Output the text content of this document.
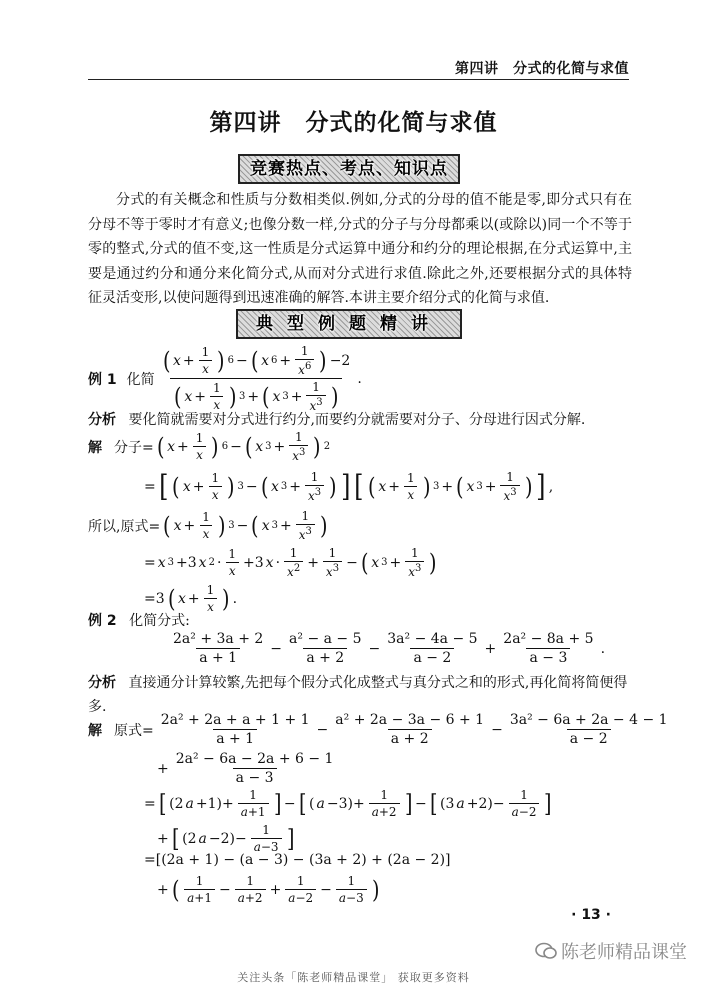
第四讲　分式的化简与求值
第四讲　分式的化简与求值
竞赛热点、考点、知识点

分式的有关概念和性质与分数相类似.例如,分式的分母的值不能是零,即分式只有在分母不等于零时才有意义;也像分数一样,分式的分子与分母都乘以(或除以)同一个不等于零的整式,分式的值不变,这一性质是分式运算中通分和约分的理论根据,在分式运算中,主要是通过约分和通分来化简分式,从而对分式进行求值.除此之外,还要根据分式的具体特征灵活变形,以使问题得到迅速准确的解答.本讲主要介绍分式的化简与求值.

典型例题精讲
例 1 化简 $\frac{( x + \frac{1}{x} ) 6 - ( x 6 + \frac{1}{x^6} ) -2}{( x + \frac{1}{x} ) 3 + ( x 3 + \frac{1}{x^3} )}$ .
分析 要化简就需要对分式进行约分,而要约分就需要对分子、分母进行因式分解.
解 分子= ( $x + \frac{1}{x}$ ) 6 − ( x $3 + \frac{1}{x^3}$ ) 2
= [ ( $x + \frac{1}{x}$ ) 3 − ( x $3 + \frac{1}{x^3}$ ) ] [ ( $x + \frac{1}{x}$ ) 3 + ( x $3 + \frac{1}{x^3}$ ) ] ,
所以,原式= ( $x + \frac{1}{x}$ ) 3 − ( x $3 + \frac{1}{x^3}$ )
= x 3 +3 x $2 \cdot \frac{1}{x} +3$ $x \cdot \frac{1}{x^2} + \frac{1}{x^3}$ − ( x $3 + \frac{1}{x^3}$ )
=3 ( $x + \frac{1}{x}$ ) .
例 2 化简分式:
$\frac{\text{2a² + 3a + 2}}{a + 1} - \frac{\text{a² − a − 5}}{a + 2} - \frac{\text{3a² − 4a − 5}}{a - 2} + \frac{\text{2a² − 8a + 5}}{a - 3}$ .
分析 直接通分计算较繁,先把每个假分式化成整式与真分式之和的形式,再化简将简便得多.
解 原式= $\frac{\text{2a² + 2a + a + 1 + 1}}{a + 1} - \frac{\text{a² + 2a − 3a − 6 + 1}}{a + 2} - \frac{\text{3a² − 6a + 2a − 4 − 1}}{a - 2}$
+ $\frac{\text{2a² − 6a − 2a + 6 − 1}}{a - 3}$
= [ (2 $a +1)+ \frac{1}{a+1}$ ] − [ ( $a -3)+ \frac{1}{a+2}$ ] − [ (3 $a +2)- \frac{1}{a-2}$ ]
+ [ (2 $a -2)- \frac{1}{a-3}$ ]
=[(2a + 1) − (a − 3) − (3a + 2) + (2a − 2)]
+ ( $\frac{1}{a+1} - \frac{1}{a+2} + \frac{1}{a-2} - \frac{1}{a-3}$ )
· 13 ·
陈老师精品课堂
关注头条「陈老师精品课堂」 获取更多资料
